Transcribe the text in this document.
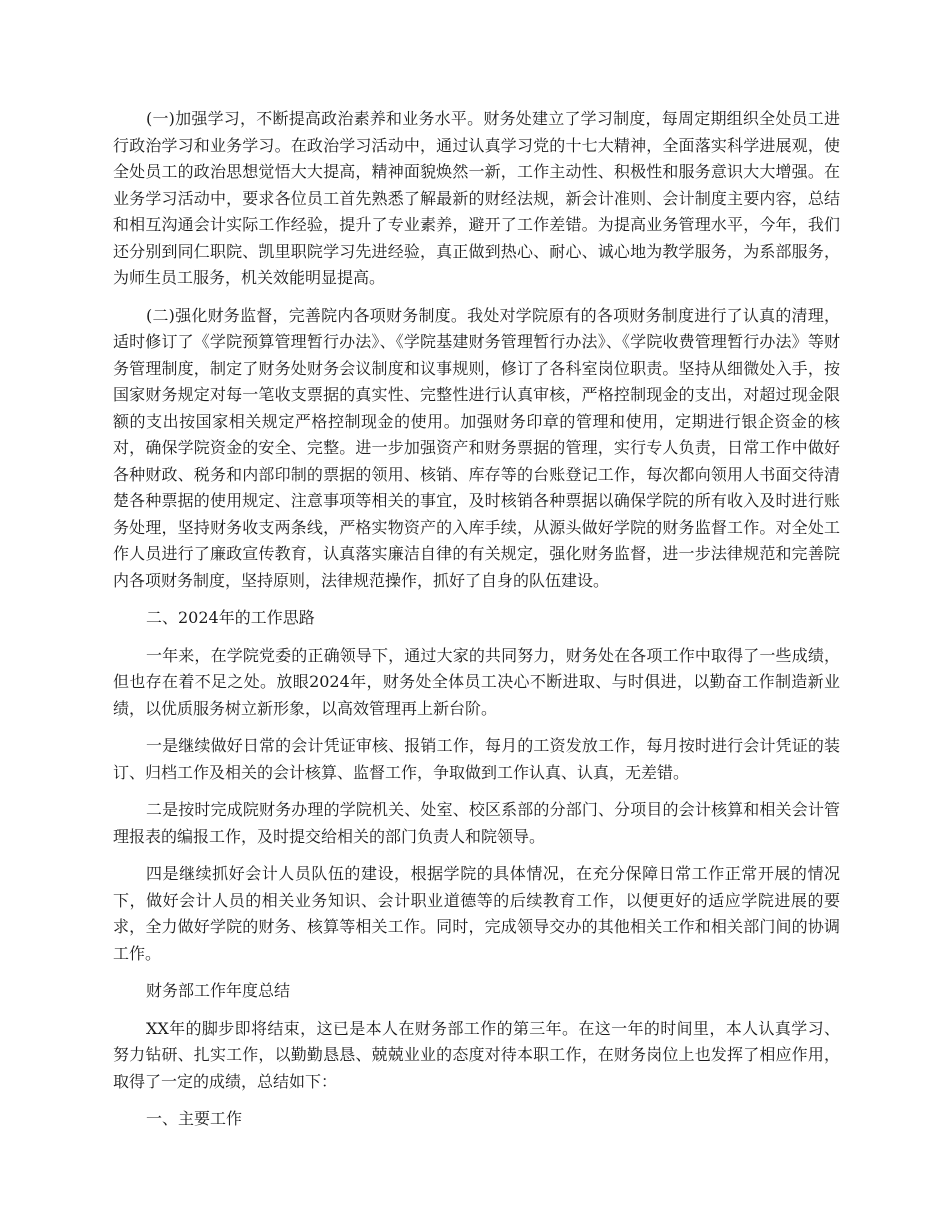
(一)加强学习，不断提高政治素养和业务水平。财务处建立了学习制度，每周定期组织全处员工进行政治学习和业务学习。在政治学习活动中，通过认真学习党的十七大精神，全面落实科学进展观，使全处员工的政治思想觉悟大大提高，精神面貌焕然一新，工作主动性、积极性和服务意识大大增强。在业务学习活动中，要求各位员工首先熟悉了解最新的财经法规，新会计准则、会计制度主要内容，总结和相互沟通会计实际工作经验，提升了专业素养，避开了工作差错。为提高业务管理水平，今年，我们还分别到同仁职院、凯里职院学习先进经验，真正做到热心、耐心、诚心地为教学服务，为系部服务，为师生员工服务，机关效能明显提高。

(二)强化财务监督，完善院内各项财务制度。我处对学院原有的各项财务制度进行了认真的清理，适时修订了《学院预算管理暂行办法》、《学院基建财务管理暂行办法》、《学院收费管理暂行办法》等财务管理制度，制定了财务处财务会议制度和议事规则，修订了各科室岗位职责。坚持从细微处入手，按国家财务规定对每一笔收支票据的真实性、完整性进行认真审核，严格控制现金的支出，对超过现金限额的支出按国家相关规定严格控制现金的使用。加强财务印章的管理和使用，定期进行银企资金的核对，确保学院资金的安全、完整。进一步加强资产和财务票据的管理，实行专人负责，日常工作中做好各种财政、税务和内部印制的票据的领用、核销、库存等的台账登记工作，每次都向领用人书面交待清楚各种票据的使用规定、注意事项等相关的事宜，及时核销各种票据以确保学院的所有收入及时进行账务处理，坚持财务收支两条线，严格实物资产的入库手续，从源头做好学院的财务监督工作。对全处工作人员进行了廉政宣传教育，认真落实廉洁自律的有关规定，强化财务监督，进一步法律规范和完善院内各项财务制度，坚持原则，法律规范操作，抓好了自身的队伍建设。

二、2024年的工作思路

一年来，在学院党委的正确领导下，通过大家的共同努力，财务处在各项工作中取得了一些成绩，但也存在着不足之处。放眼2024年，财务处全体员工决心不断进取、与时俱进，以勤奋工作制造新业绩，以优质服务树立新形象，以高效管理再上新台阶。

一是继续做好日常的会计凭证审核、报销工作，每月的工资发放工作，每月按时进行会计凭证的装订、归档工作及相关的会计核算、监督工作，争取做到工作认真、认真，无差错。

二是按时完成院财务办理的学院机关、处室、校区系部的分部门、分项目的会计核算和相关会计管理报表的编报工作，及时提交给相关的部门负责人和院领导。

四是继续抓好会计人员队伍的建设，根据学院的具体情况，在充分保障日常工作正常开展的情况下，做好会计人员的相关业务知识、会计职业道德等的后续教育工作，以便更好的适应学院进展的要求，全力做好学院的财务、核算等相关工作。同时，完成领导交办的其他相关工作和相关部门间的协调工作。

财务部工作年度总结

XX年的脚步即将结束，这已是本人在财务部工作的第三年。在这一年的时间里，本人认真学习、努力钻研、扎实工作，以勤勤恳恳、兢兢业业的态度对待本职工作，在财务岗位上也发挥了相应作用，取得了一定的成绩，总结如下：

一、主要工作
